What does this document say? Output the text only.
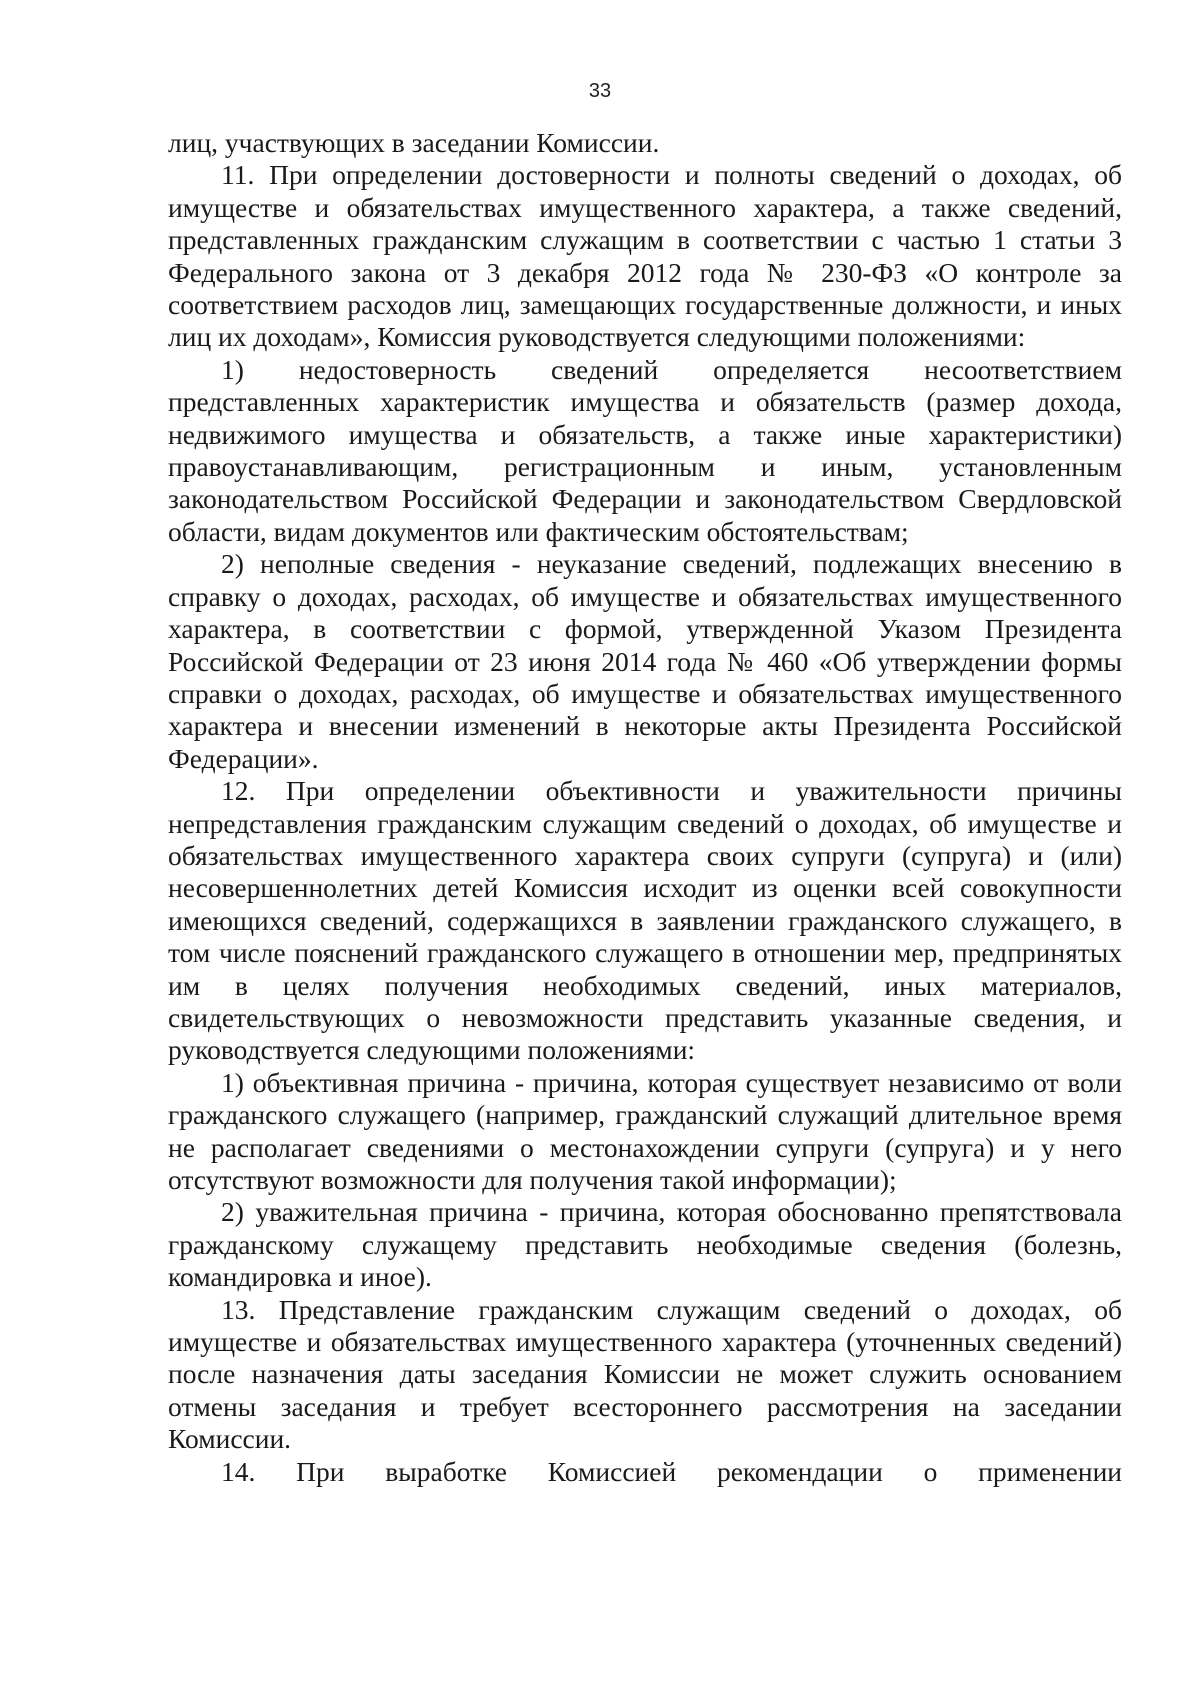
33

лиц, участвующих в заседании Комиссии.

11. При определении достоверности и полноты сведений о доходах, об имуществе и обязательствах имущественного характера, а также сведений, представленных гражданским служащим в соответствии с частью 1 статьи 3 Федерального закона от 3 декабря 2012 года № 230-ФЗ «О контроле за соответствием расходов лиц, замещающих государственные должности, и иных лиц их доходам», Комиссия руководствуется следующими положениями:

1) недостоверность сведений определяется несоответствием представленных характеристик имущества и обязательств (размер дохода, недвижимого имущества и обязательств, а также иные характеристики) правоустанавливающим, регистрационным и иным, установленным законодательством Российской Федерации и законодательством Свердловской области, видам документов или фактическим обстоятельствам;

2) неполные сведения - неуказание сведений, подлежащих внесению в справку о доходах, расходах, об имуществе и обязательствах имущественного характера, в соответствии с формой, утвержденной Указом Президента Российской Федерации от 23 июня 2014 года № 460 «Об утверждении формы справки о доходах, расходах, об имуществе и обязательствах имущественного характера и внесении изменений в некоторые акты Президента Российской Федерации».

12. При определении объективности и уважительности причины непредставления гражданским служащим сведений о доходах, об имуществе и обязательствах имущественного характера своих супруги (супруга) и (или) несовершеннолетних детей Комиссия исходит из оценки всей совокупности имеющихся сведений, содержащихся в заявлении гражданского служащего, в том числе пояснений гражданского служащего в отношении мер, предпринятых им в целях получения необходимых сведений, иных материалов, свидетельствующих о невозможности представить указанные сведения, и руководствуется следующими положениями:

1) объективная причина - причина, которая существует независимо от воли гражданского служащего (например, гражданский служащий длительное время не располагает сведениями о местонахождении супруги (супруга) и у него отсутствуют возможности для получения такой информации);

2) уважительная причина - причина, которая обоснованно препятствовала гражданскому служащему представить необходимые сведения (болезнь, командировка и иное).

13. Представление гражданским служащим сведений о доходах, об имуществе и обязательствах имущественного характера (уточненных сведений) после назначения даты заседания Комиссии не может служить основанием отмены заседания и требует всестороннего рассмотрения на заседании Комиссии.

14. При выработке Комиссией рекомендации о применении
